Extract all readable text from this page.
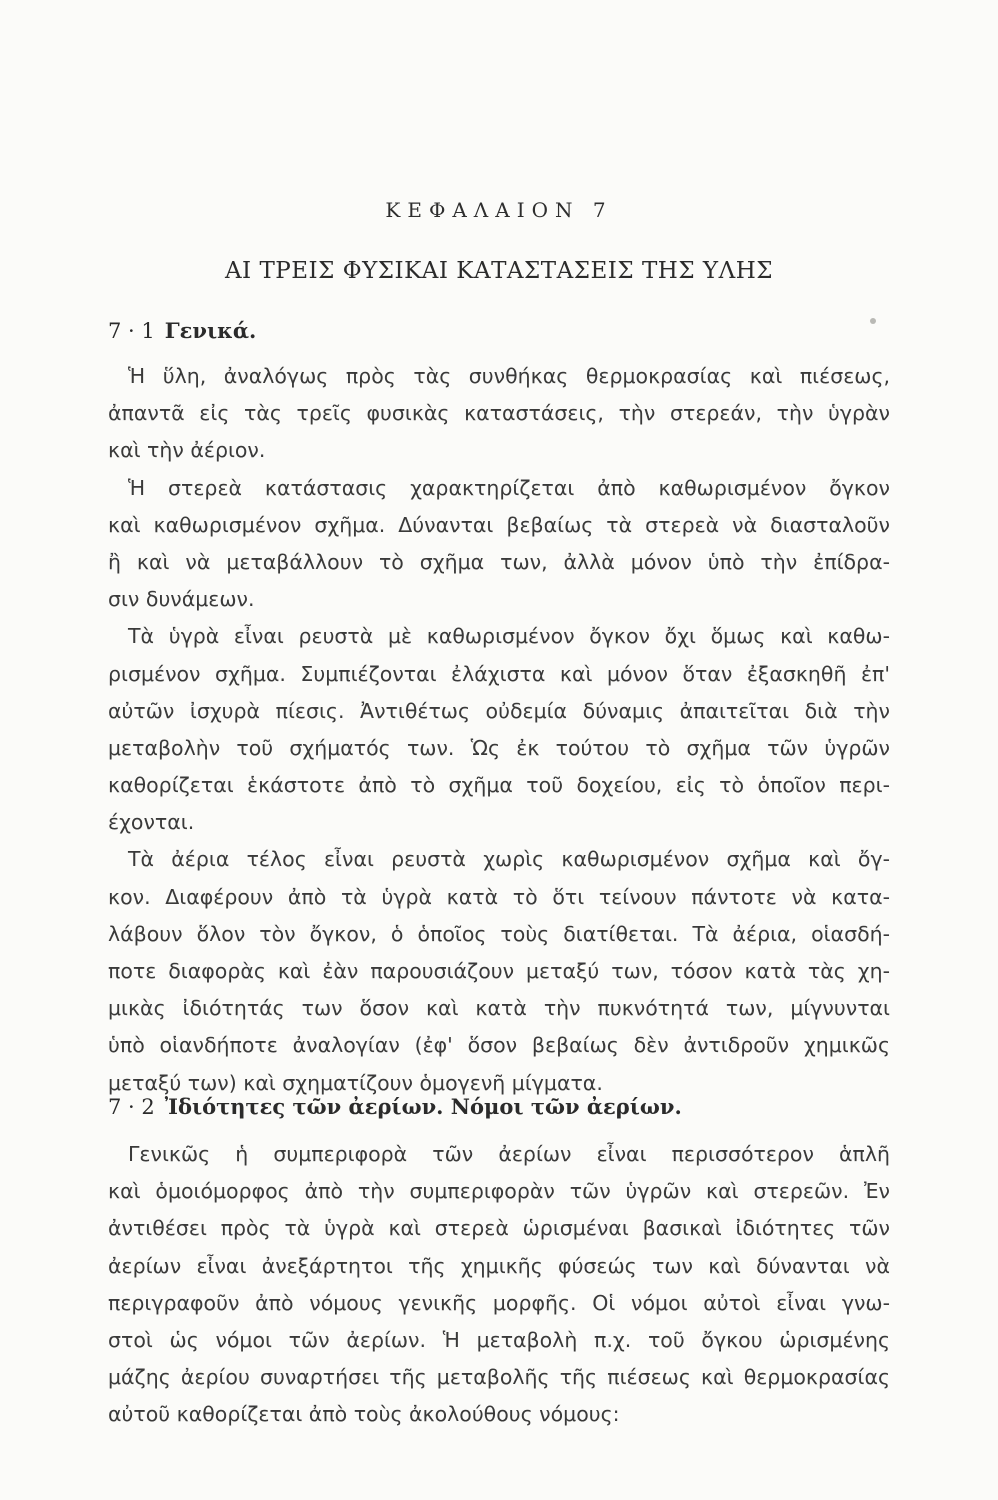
ΚΕΦΑΛΑΙΟΝ 7
ΑΙ ΤΡΕΙΣ ΦΥΣΙΚΑΙ ΚΑΤΑΣΤΑΣΕΙΣ ΤΗΣ ΥΛΗΣ
7 · 1 Γενικά.
Ἡ ὕλη, ἀναλόγως πρὸς τὰς συνθήκας θερμοκρασίας καὶ πιέσεως,
ἀπαντᾶ εἰς τὰς τρεῖς φυσικὰς καταστάσεις, τὴν στερεάν, τὴν ὑγρὰν
καὶ τὴν ἀέριον.
Ἡ στερεὰ κατάστασις χαρακτηρίζεται ἀπὸ καθωρισμένον ὄγκον
καὶ καθωρισμένον σχῆμα. Δύνανται βεβαίως τὰ στερεὰ νὰ διασταλοῦν
ἢ καὶ νὰ μεταβάλλουν τὸ σχῆμα των, ἀλλὰ μόνον ὑπὸ τὴν ἐπίδρα-
σιν δυνάμεων.
Τὰ ὑγρὰ εἶναι ρευστὰ μὲ καθωρισμένον ὄγκον ὄχι ὅμως καὶ καθω-
ρισμένον σχῆμα. Συμπιέζονται ἐλάχιστα καὶ μόνον ὅταν ἐξασκηθῆ ἐπ'
αὐτῶν ἰσχυρὰ πίεσις. Ἀντιθέτως οὐδεμία δύναμις ἀπαιτεῖται διὰ τὴν
μεταβολὴν τοῦ σχήματός των. Ὡς ἐκ τούτου τὸ σχῆμα τῶν ὑγρῶν
καθορίζεται ἑκάστοτε ἀπὸ τὸ σχῆμα τοῦ δοχείου, εἰς τὸ ὁποῖον περι-
έχονται.
Τὰ ἀέρια τέλος εἶναι ρευστὰ χωρὶς καθωρισμένον σχῆμα καὶ ὄγ-
κον. Διαφέρουν ἀπὸ τὰ ὑγρὰ κατὰ τὸ ὅτι τείνουν πάντοτε νὰ κατα-
λάβουν ὅλον τὸν ὄγκον, ὁ ὁποῖος τοὺς διατίθεται. Τὰ ἀέρια, οἱασδή-
ποτε διαφορὰς καὶ ἐὰν παρουσιάζουν μεταξύ των, τόσον κατὰ τὰς χη-
μικὰς ἰδιότητάς των ὅσον καὶ κατὰ τὴν πυκνότητά των, μίγνυνται
ὑπὸ οἱανδήποτε ἀναλογίαν (ἐφ' ὅσον βεβαίως δὲν ἀντιδροῦν χημικῶς
μεταξύ των) καὶ σχηματίζουν ὁμογενῆ μίγματα.
7 · 2 Ἰδιότητες τῶν ἀερίων. Νόμοι τῶν ἀερίων.
Γενικῶς ἡ συμπεριφορὰ τῶν ἀερίων εἶναι περισσότερον ἁπλῆ
καὶ ὁμοιόμορφος ἀπὸ τὴν συμπεριφορὰν τῶν ὑγρῶν καὶ στερεῶν. Ἐν
ἀντιθέσει πρὸς τὰ ὑγρὰ καὶ στερεὰ ὡρισμέναι βασικαὶ ἰδιότητες τῶν
ἀερίων εἶναι ἀνεξάρτητοι τῆς χημικῆς φύσεώς των καὶ δύνανται νὰ
περιγραφοῦν ἀπὸ νόμους γενικῆς μορφῆς. Οἱ νόμοι αὐτοὶ εἶναι γνω-
στοὶ ὡς νόμοι τῶν ἀερίων. Ἡ μεταβολὴ π.χ. τοῦ ὄγκου ὡρισμένης
μάζης ἀερίου συναρτήσει τῆς μεταβολῆς τῆς πιέσεως καὶ θερμοκρασίας
αὐτοῦ καθορίζεται ἀπὸ τοὺς ἀκολούθους νόμους:
